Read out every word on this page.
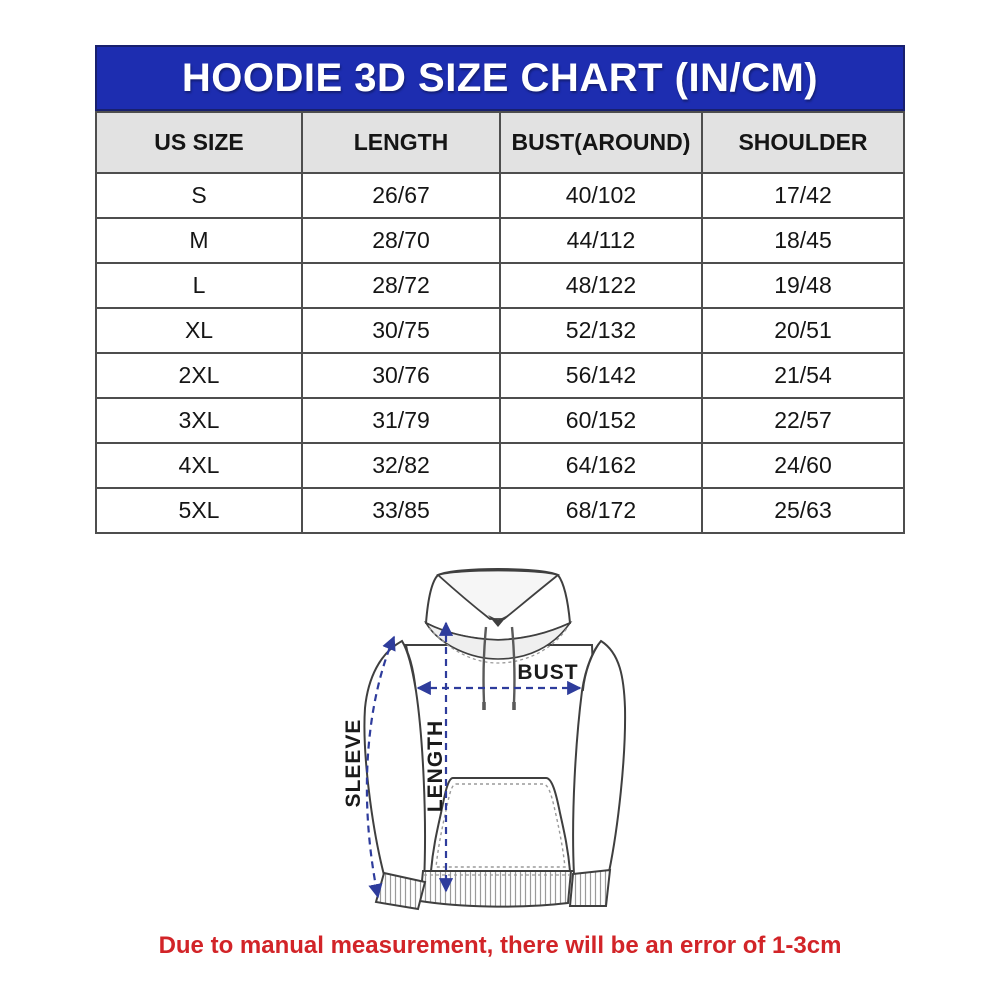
HOODIE 3D SIZE CHART (IN/CM)
US SIZE	LENGTH	BUST(AROUND)	SHOULDER
S	26/67	40/102	17/42
M	28/70	44/112	18/45
L	28/72	48/122	19/48
XL	30/75	52/132	20/51
2XL	30/76	56/142	21/54
3XL	31/79	60/152	22/57
4XL	32/82	64/162	24/60
5XL	33/85	68/172	25/63
BUST
SLEEVE	LENGTH
Due to manual measurement, there will be an error of 1-3cm
